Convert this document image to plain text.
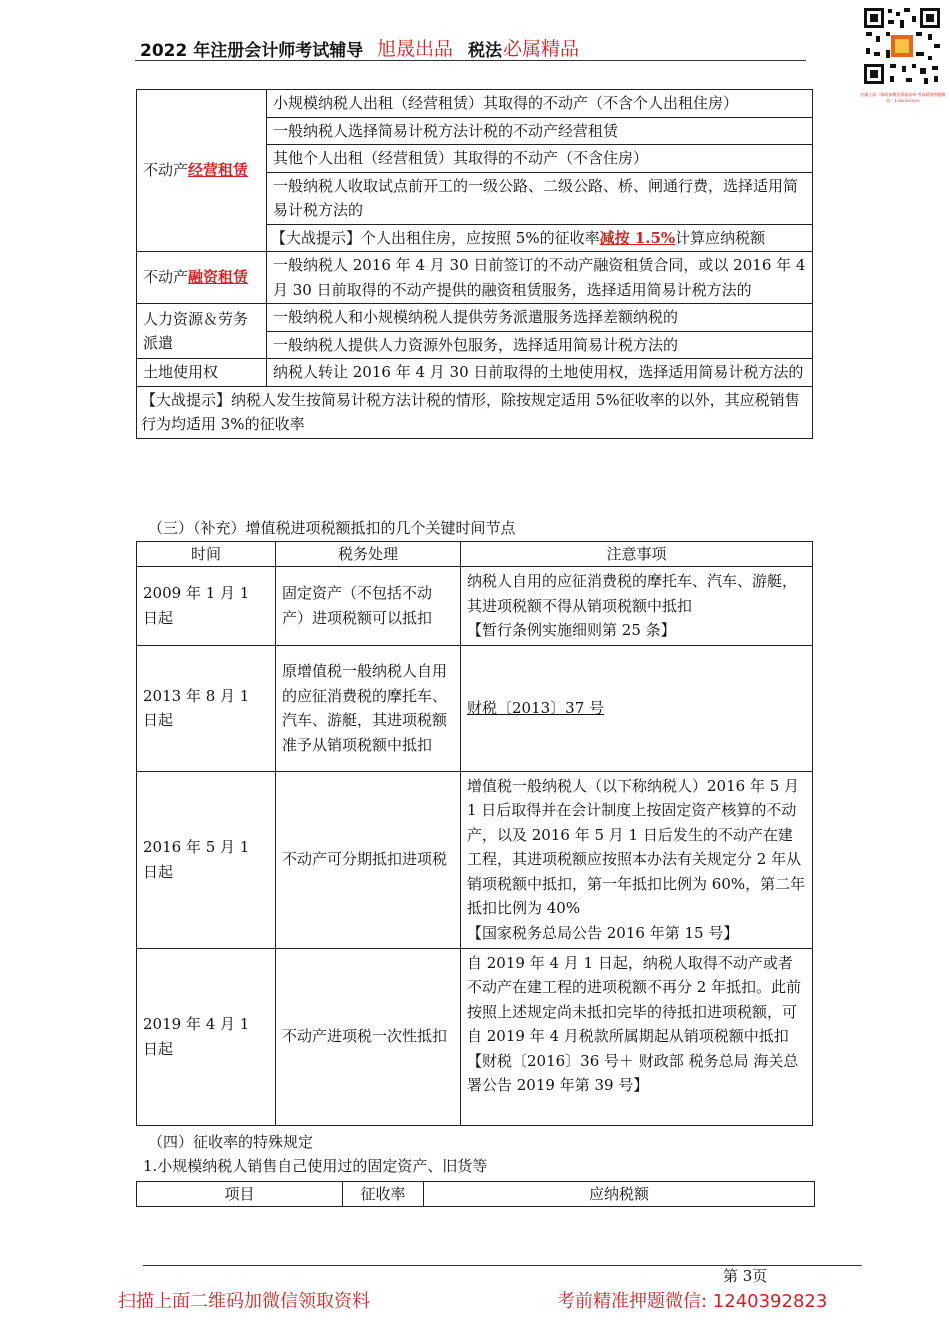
2022 年注册会计师考试辅导 旭晟出品 税法 必属精品
扫描上面二维码加微信领取资料 考前精准押题微信：1240392823
不动产经营租赁	小规模纳税人出租（经营租赁）其取得的不动产（不含个人出租住房）
	一般纳税人选择简易计税方法计税的不动产经营租赁
	其他个人出租（经营租赁）其取得的不动产（不含住房）
	一般纳税人收取试点前开工的一级公路、二级公路、桥、闸通行费，选择适用简易计税方法的
	【大战提示】个人出租住房，应按照 5%的征收率减按 1.5%计算应纳税额
不动产融资租赁	一般纳税人 2016 年 4 月 30 日前签订的不动产融资租赁合同，或以 2016 年 4 月 30 日前取得的不动产提供的融资租赁服务，选择适用简易计税方法的
人力资源＆劳务派遣	一般纳税人和小规模纳税人提供劳务派遣服务选择差额纳税的
	一般纳税人提供人力资源外包服务，选择适用简易计税方法的
土地使用权	纳税人转让 2016 年 4 月 30 日前取得的土地使用权，选择适用简易计税方法的
【大战提示】纳税人发生按简易计税方法计税的情形，除按规定适用 5%征收率的以外，其应税销售行为均适用 3%的征收率	
（三）（补充）增值税进项税额抵扣的几个关键时间节点
时间	税务处理	注意事项
2009 年 1 月 1 日起	固定资产（不包括不动产）进项税额可以抵扣	纳税人自用的应征消费税的摩托车、汽车、游艇，其进项税额不得从销项税额中抵扣
【暂行条例实施细则第 25 条】
2013 年 8 月 1 日起	原增值税一般纳税人自用的应征消费税的摩托车、汽车、游艇，其进项税额准予从销项税额中抵扣	财税〔2013〕37 号
2016 年 5 月 1 日起	不动产可分期抵扣进项税	增值税一般纳税人（以下称纳税人）2016 年 5 月 1 日后取得并在会计制度上按固定资产核算的不动产，以及 2016 年 5 月 1 日后发生的不动产在建工程，其进项税额应按照本办法有关规定分 2 年从销项税额中抵扣，第一年抵扣比例为 60%，第二年抵扣比例为 40%
【国家税务总局公告 2016 年第 15 号】
2019 年 4 月 1 日起	不动产进项税一次性抵扣	自 2019 年 4 月 1 日起，纳税人取得不动产或者不动产在建工程的进项税额不再分 2 年抵扣。此前按照上述规定尚未抵扣完毕的待抵扣进项税额，可自 2019 年 4 月税款所属期起从销项税额中抵扣
【财税〔2016〕36 号＋ 财政部 税务总局 海关总署公告 2019 年第 39 号】
（四）征收率的特殊规定
1.小规模纳税人销售自己使用过的固定资产、旧货等
项目	征收率	应纳税额
第 3页
扫描上面二维码加微信领取资料	考前精准押题微信: 1240392823
